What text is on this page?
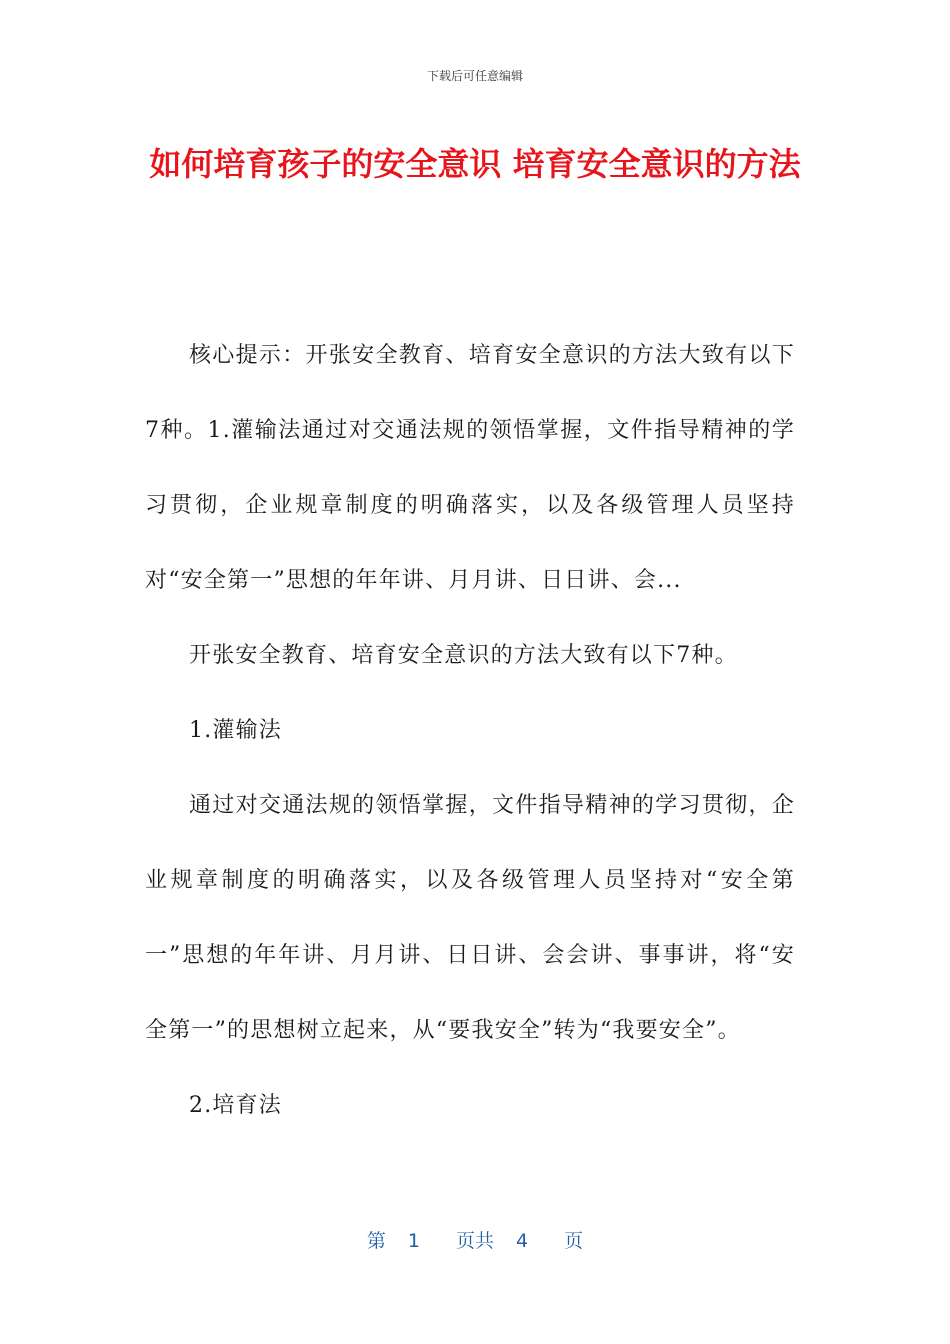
下载后可任意编辑
如何培育孩子的安全意识 培育安全意识的方法

核心提示：开张安全教育、培育安全意识的方法大致有以下7种。1.灌输法通过对交通法规的领悟掌握，文件指导精神的学习贯彻，企业规章制度的明确落实，以及各级管理人员坚持对“安全第一”思想的年年讲、月月讲、日日讲、会...

开张安全教育、培育安全意识的方法大致有以下7种。

1.灌输法

通过对交通法规的领悟掌握，文件指导精神的学习贯彻，企业规章制度的明确落实，以及各级管理人员坚持对“安全第一”思想的年年讲、月月讲、日日讲、会会讲、事事讲，将“安全第一”的思想树立起来，从“要我安全”转为“我要安全”。

2.培育法

第 1 页共 4 页
